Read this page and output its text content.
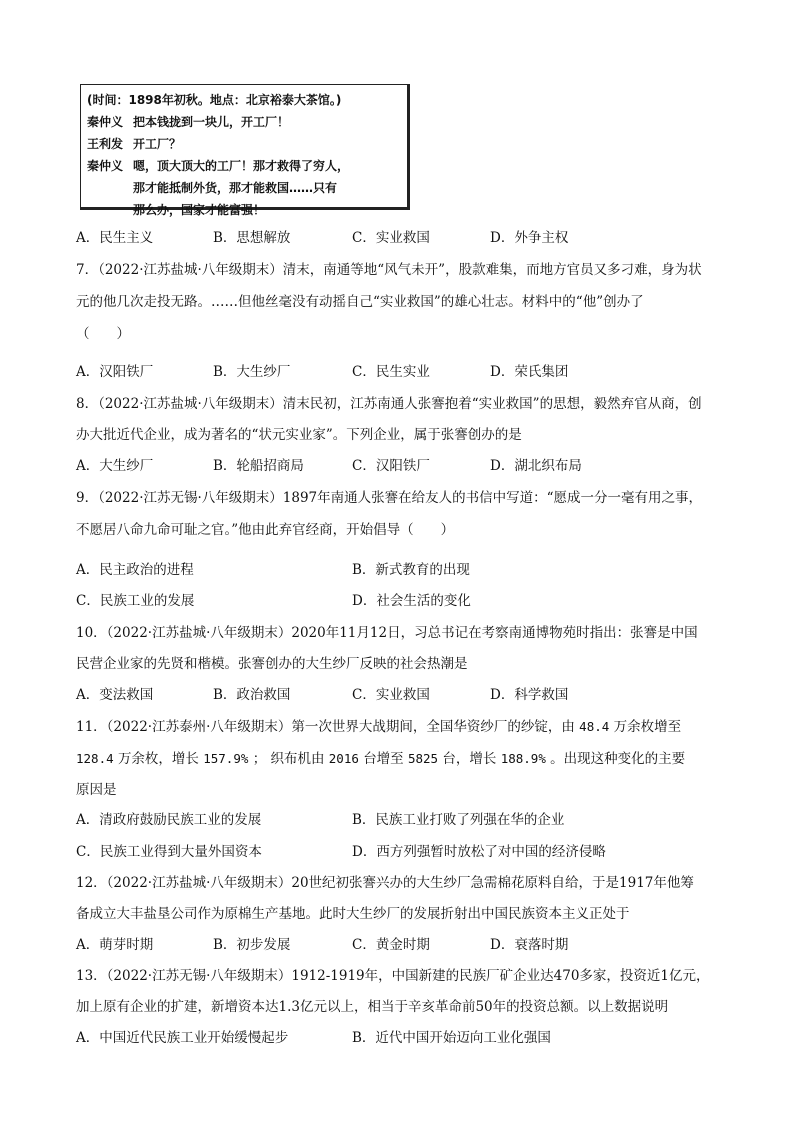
(时间：1898年初秋。地点：北京裕泰大茶馆。)
秦仲义 把本钱拢到一块儿，开工厂！
王利发 开工厂？
秦仲义 嗯，顶大顶大的工厂！那才救得了穷人，
那才能抵制外货，那才能救国……只有
那么办，国家才能富强！
A．民生主义	B．思想解放	C．实业救国	D．外争主权
7．（2022·江苏盐城·八年级期末）清末，南通等地“风气未开”，股款难集，而地方官员又多刁难，身为状
元的他几次走投无路。……但他丝毫没有动摇自己“实业救国”的雄心壮志。材料中的“他”创办了
（　　）
A．汉阳铁厂	B．大生纱厂	C．民生实业	D．荣氏集团
8．（2022·江苏盐城·八年级期末）清末民初，江苏南通人张謇抱着“实业救国”的思想，毅然弃官从商，创
办大批近代企业，成为著名的“状元实业家”。下列企业，属于张謇创办的是
A．大生纱厂	B．轮船招商局	C．汉阳铁厂	D．湖北织布局
9．（2022·江苏无锡·八年级期末）1897年南通人张謇在给友人的书信中写道：“愿成一分一毫有用之事，
不愿居八命九命可耻之官。”他由此弃官经商，开始倡导（　　）
A．民主政治的进程	B．新式教育的出现
C．民族工业的发展	D．社会生活的变化
10．（2022·江苏盐城·八年级期末）2020年11月12日，习总书记在考察南通博物苑时指出：张謇是中国
民营企业家的先贤和楷模。张謇创办的大生纱厂反映的社会热潮是
A．变法救国	B．政治救国	C．实业救国	D．科学救国
11．（2022·江苏泰州·八年级期末）第一次世界大战期间，全国华资纱厂的纱锭，由 48.4 万余枚增至
128.4 万余枚，增长 157.9% ； 织布机由 2016 台增至 5825 台，增长 188.9% 。出现这种变化的主要
原因是
A．清政府鼓励民族工业的发展	B．民族工业打败了列强在华的企业
C．民族工业得到大量外国资本	D．西方列强暂时放松了对中国的经济侵略
12．（2022·江苏盐城·八年级期末）20世纪初张謇兴办的大生纱厂急需棉花原料自给，于是1917年他筹
备成立大丰盐垦公司作为原棉生产基地。此时大生纱厂的发展折射出中国民族资本主义正处于
A．萌芽时期	B．初步发展	C．黄金时期	D．衰落时期
13．（2022·江苏无锡·八年级期末）1912-1919年，中国新建的民族厂矿企业达470多家，投资近1亿元，
加上原有企业的扩建，新增资本达1.3亿元以上，相当于辛亥革命前50年的投资总额。以上数据说明
A．中国近代民族工业开始缓慢起步	B．近代中国开始迈向工业化强国
